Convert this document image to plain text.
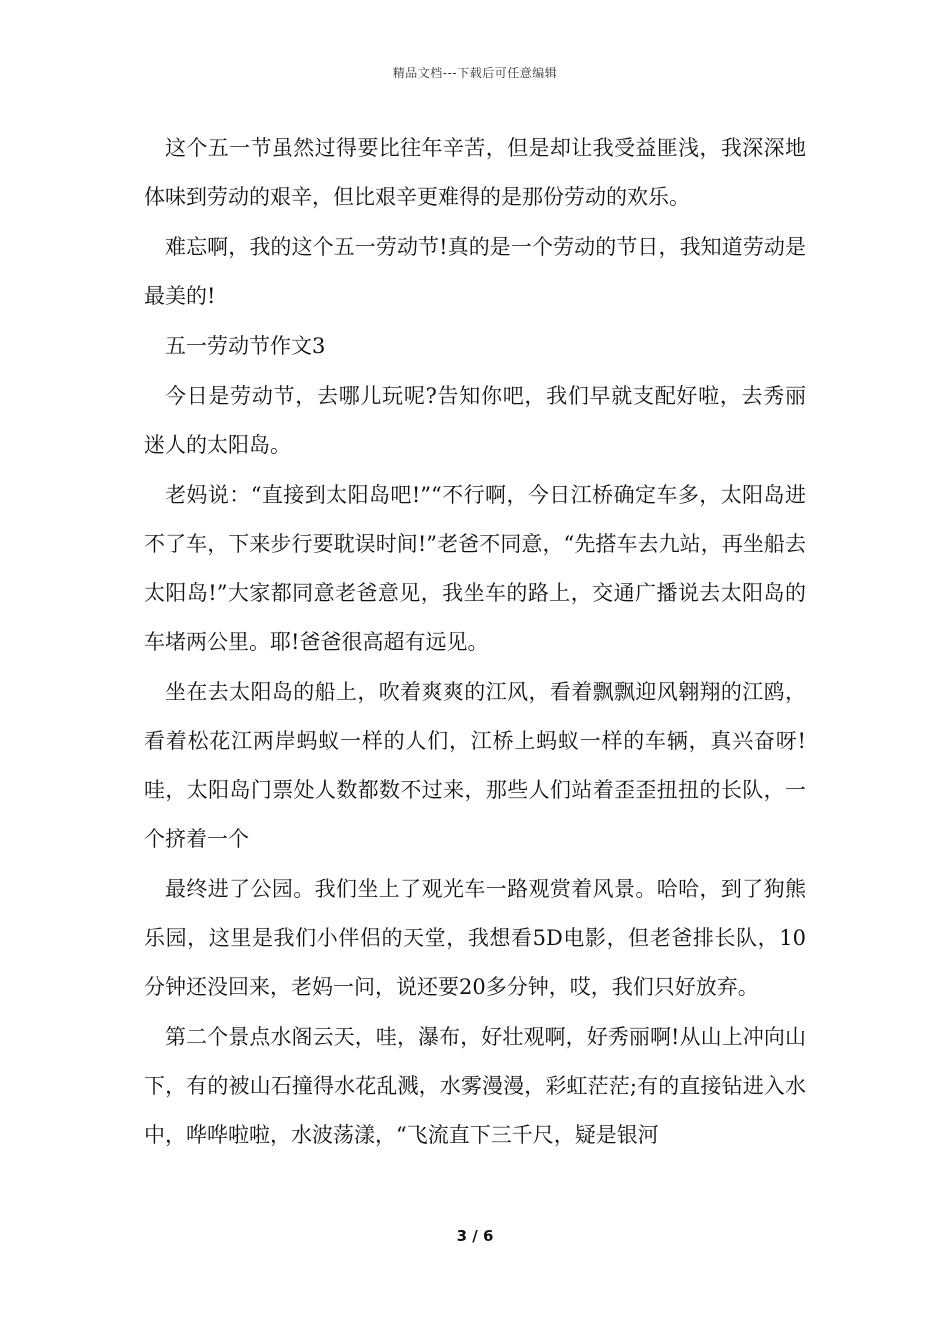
精品文档---下载后可任意编辑

这个五一节虽然过得要比往年辛苦，但是却让我受益匪浅，我深深地体味到劳动的艰辛，但比艰辛更难得的是那份劳动的欢乐。

难忘啊，我的这个五一劳动节!真的是一个劳动的节日，我知道劳动是最美的!

五一劳动节作文3

今日是劳动节，去哪儿玩呢?告知你吧，我们早就支配好啦，去秀丽迷人的太阳岛。

老妈说：“直接到太阳岛吧!”“不行啊，今日江桥确定车多，太阳岛进不了车，下来步行要耽误时间!”老爸不同意，“先搭车去九站，再坐船去太阳岛!”大家都同意老爸意见，我坐车的路上，交通广播说去太阳岛的车堵两公里。耶!爸爸很高超有远见。

坐在去太阳岛的船上，吹着爽爽的江风，看着飘飘迎风翱翔的江鸥，看着松花江两岸蚂蚁一样的人们，江桥上蚂蚁一样的车辆，真兴奋呀!哇，太阳岛门票处人数都数不过来，那些人们站着歪歪扭扭的长队，一个挤着一个

最终进了公园。我们坐上了观光车一路观赏着风景。哈哈，到了狗熊乐园，这里是我们小伴侣的天堂，我想看5D电影，但老爸排长队，10分钟还没回来，老妈一问，说还要20多分钟，哎，我们只好放弃。

第二个景点水阁云天，哇，瀑布，好壮观啊，好秀丽啊!从山上冲向山下，有的被山石撞得水花乱溅，水雾漫漫，彩虹茫茫;有的直接钻进入水中，哗哗啦啦，水波荡漾，“飞流直下三千尺，疑是银河

3 / 6
